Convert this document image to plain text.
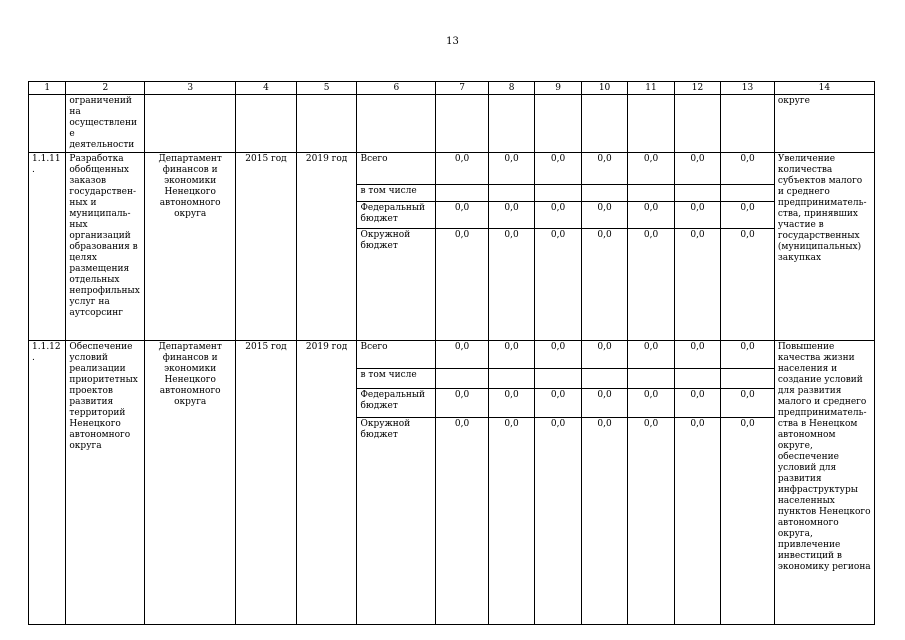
13
1	2	3	4	5	6	7	8	9	10	11	12	13	14
	ограничений на осуществление деятельности												округе
1.1.11.	Разработка обобщенных заказов государствен-ных и муниципаль-ных организаций образования в целях размещения отдельных непрофильных услуг на аутсорсинг	Департамент финансов и экономики Ненецкого автономного округа	2015 год	2019 год	Всего	0,0	0,0	0,0	0,0	0,0	0,0	0,0	Увеличение количества субъектов малого и среднего предприниматель-ства, принявших участие в государственных (муниципальных) закупках
					в том числе								
					Федеральный бюджет	0,0	0,0	0,0	0,0	0,0	0,0	0,0	
					Окружной бюджет	0,0	0,0	0,0	0,0	0,0	0,0	0,0	
1.1.12.	Обеспечение условий реализации приоритетных проектов развития территорий Ненецкого автономного округа	Департамент финансов и экономики Ненецкого автономного округа	2015 год	2019 год	Всего	0,0	0,0	0,0	0,0	0,0	0,0	0,0	Повышение качества жизни населения и создание условий для развития малого и среднего предприниматель-ства в Ненецком автономном округе, обеспечение условий для развития инфраструктуры населенных пунктов Ненецкого автономного округа, привлечение инвестиций в экономику региона
					в том числе								
					Федеральный бюджет	0,0	0,0	0,0	0,0	0,0	0,0	0,0	
					Окружной бюджет	0,0	0,0	0,0	0,0	0,0	0,0	0,0	
